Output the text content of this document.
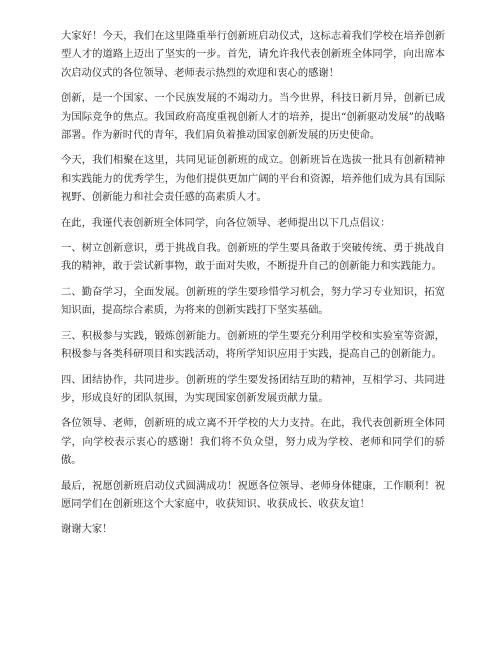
大家好！今天，我们在这里隆重举行创新班启动仪式，这标志着我们学校在培养创新型人才的道路上迈出了坚实的一步。首先，请允许我代表创新班全体同学，向出席本次启动仪式的各位领导、老师表示热烈的欢迎和衷心的感谢！

创新，是一个国家、一个民族发展的不竭动力。当今世界，科技日新月异，创新已成为国际竞争的焦点。我国政府高度重视创新人才的培养，提出“创新驱动发展”的战略部署。作为新时代的青年，我们肩负着推动国家创新发展的历史使命。

今天，我们相聚在这里，共同见证创新班的成立。创新班旨在选拔一批具有创新精神和实践能力的优秀学生，为他们提供更加广阔的平台和资源，培养他们成为具有国际视野、创新能力和社会责任感的高素质人才。

在此，我谨代表创新班全体同学，向各位领导、老师提出以下几点倡议：

一、树立创新意识，勇于挑战自我。创新班的学生要具备敢于突破传统、勇于挑战自我的精神，敢于尝试新事物，敢于面对失败，不断提升自己的创新能力和实践能力。

二、勤奋学习，全面发展。创新班的学生要珍惜学习机会，努力学习专业知识，拓宽知识面，提高综合素质，为将来的创新实践打下坚实基础。

三、积极参与实践，锻炼创新能力。创新班的学生要充分利用学校和实验室等资源，积极参与各类科研项目和实践活动，将所学知识应用于实践，提高自己的创新能力。

四、团结协作，共同进步。创新班的学生要发扬团结互助的精神，互相学习、共同进步，形成良好的团队氛围，为实现国家创新发展贡献力量。

各位领导、老师，创新班的成立离不开学校的大力支持。在此，我代表创新班全体同学，向学校表示衷心的感谢！我们将不负众望，努力成为学校、老师和同学们的骄傲。

最后，祝愿创新班启动仪式圆满成功！祝愿各位领导、老师身体健康，工作顺利！祝愿同学们在创新班这个大家庭中，收获知识、收获成长、收获友谊！

谢谢大家！
